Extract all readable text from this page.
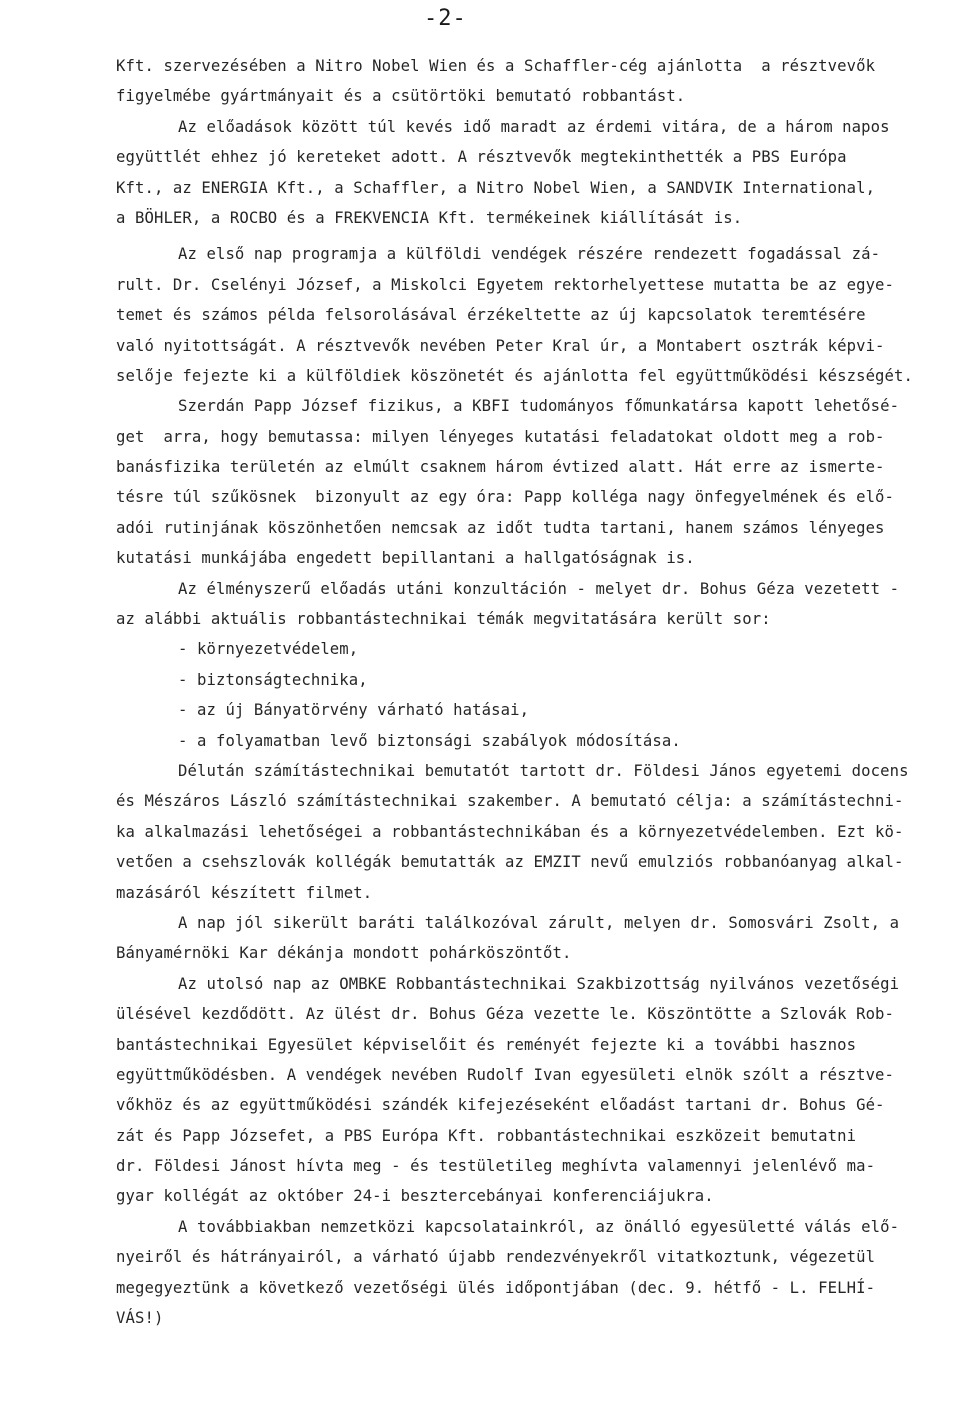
-2-
Kft. szervezésében a Nitro Nobel Wien és a Schaffler-cég ajánlotta  a résztvevők
figyelmébe gyártmányait és a csütörtöki bemutató robbantást.
Az előadások között túl kevés idő maradt az érdemi vitára, de a három napos
együttlét ehhez jó kereteket adott. A résztvevők megtekinthették a PBS Európa
Kft., az ENERGIA Kft., a Schaffler, a Nitro Nobel Wien, a SANDVIK International,
a BÖHLER, a ROCBO és a FREKVENCIA Kft. termékeinek kiállítását is.
Az első nap programja a külföldi vendégek részére rendezett fogadással zá-
rult. Dr. Cselényi József, a Miskolci Egyetem rektorhelyettese mutatta be az egye-
temet és számos példa felsorolásával érzékeltette az új kapcsolatok teremtésére
való nyitottságát. A résztvevők nevében Peter Kral úr, a Montabert osztrák képvi-
selője fejezte ki a külföldiek köszönetét és ajánlotta fel együttműködési készségét.
Szerdán Papp József fizikus, a KBFI tudományos főmunkatársa kapott lehetősé-
get  arra, hogy bemutassa: milyen lényeges kutatási feladatokat oldott meg a rob-
banásfizika területén az elmúlt csaknem három évtized alatt. Hát erre az ismerte-
tésre túl szűkösnek  bizonyult az egy óra: Papp kolléga nagy önfegyelmének és elő-
adói rutinjának köszönhetően nemcsak az időt tudta tartani, hanem számos lényeges
kutatási munkájába engedett bepillantani a hallgatóságnak is.
Az élményszerű előadás utáni konzultáción - melyet dr. Bohus Géza vezetett -
az alábbi aktuális robbantástechnikai témák megvitatására került sor:
- környezetvédelem,
- biztonságtechnika,
- az új Bányatörvény várható hatásai,
- a folyamatban levő biztonsági szabályok módosítása.
Délután számítástechnikai bemutatót tartott dr. Földesi János egyetemi docens
és Mészáros László számítástechnikai szakember. A bemutató célja: a számítástechni-
ka alkalmazási lehetőségei a robbantástechnikában és a környezetvédelemben. Ezt kö-
vetően a csehszlovák kollégák bemutatták az EMZIT nevű emulziós robbanóanyag alkal-
mazásáról készített filmet.
A nap jól sikerült baráti találkozóval zárult, melyen dr. Somosvári Zsolt, a
Bányamérnöki Kar dékánja mondott pohárköszöntőt.
Az utolsó nap az OMBKE Robbantástechnikai Szakbizottság nyilvános vezetőségi
ülésével kezdődött. Az ülést dr. Bohus Géza vezette le. Köszöntötte a Szlovák Rob-
bantástechnikai Egyesület képviselőit és reményét fejezte ki a további hasznos
együttműködésben. A vendégek nevében Rudolf Ivan egyesületi elnök szólt a résztve-
vőkhöz és az együttműködési szándék kifejezéseként előadást tartani dr. Bohus Gé-
zát és Papp Józsefet, a PBS Európa Kft. robbantástechnikai eszközeit bemutatni
dr. Földesi Jánost hívta meg - és testületileg meghívta valamennyi jelenlévő ma-
gyar kollégát az október 24-i besztercebányai konferenciájukra.
A továbbiakban nemzetközi kapcsolatainkról, az önálló egyesületté válás elő-
nyeiről és hátrányairól, a várható újabb rendezvényekről vitatkoztunk, végezetül
megegyeztünk a következő vezetőségi ülés időpontjában (dec. 9. hétfő - L. FELHÍ-
VÁS!)
